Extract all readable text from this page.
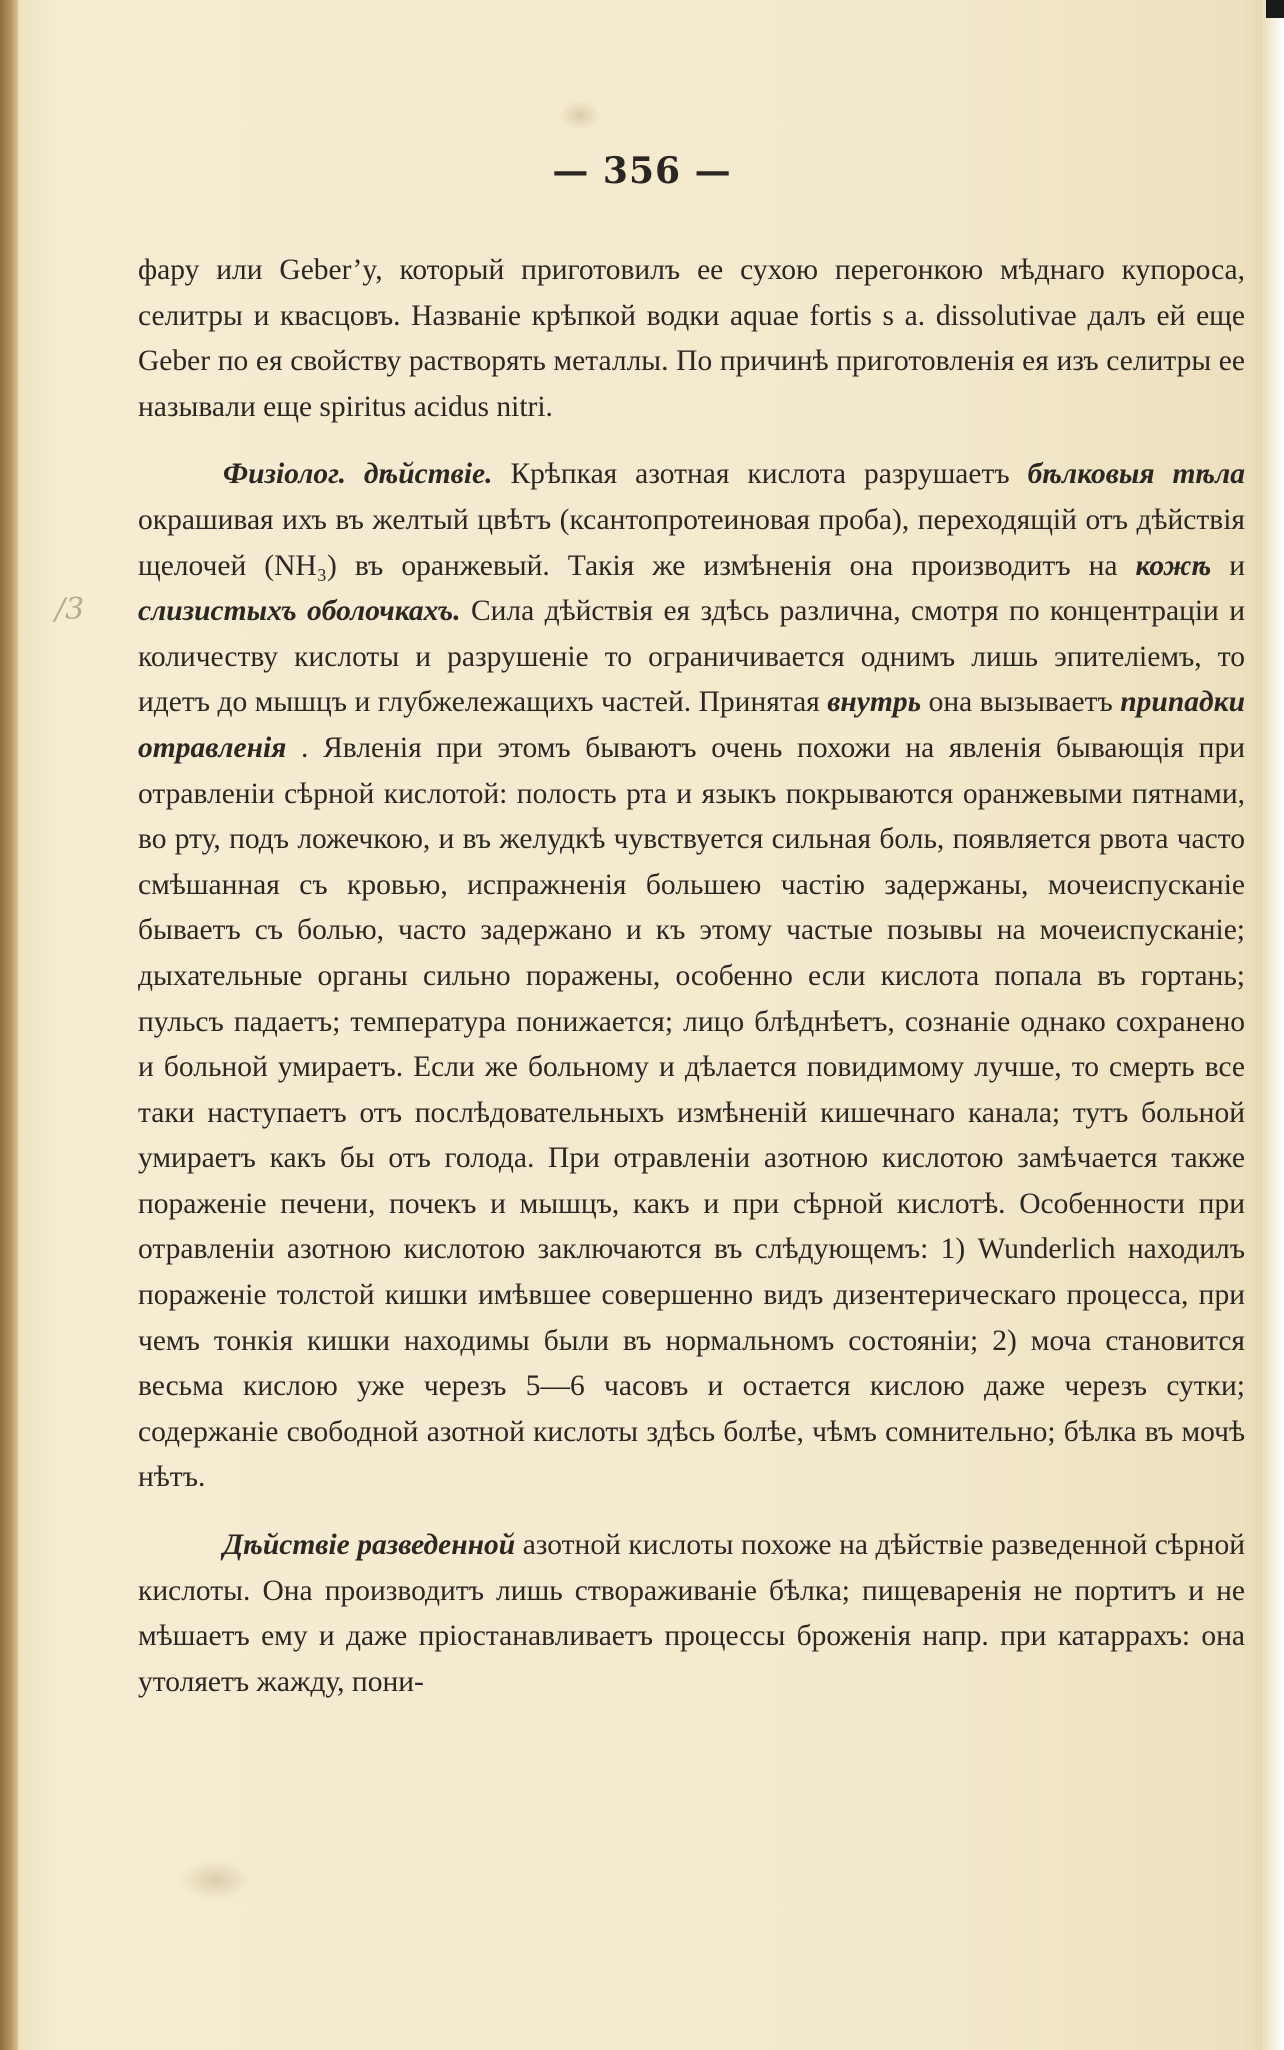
— 356 —
/3

фару или Geber’y, который приготовилъ ее сухою перегонкою мѣднаго купороса, селитры и квасцовъ. Названіе крѣпкой водки aquae fortis s a. dissolutivae далъ ей еще Geber по ея свойству растворять металлы. По причинѣ приготовленія ея изъ селитры ее называли еще spiritus acidus nitri.

Физіолог. дѣйствіе. Крѣпкая азотная кислота разрушаетъ бѣлковыя тѣла окрашивая ихъ въ желтый цвѣтъ (ксантопротеиновая проба), переходящій отъ дѣйствія щелочей (NH₃) въ оранжевый. Такія же измѣненія она производитъ на кожѣ и слизистыхъ оболочкахъ. Сила дѣйствія ея здѣсь различна, смотря по концентраціи и количеству кислоты и разрушеніе то ограничивается однимъ лишь эпителіемъ, то идетъ до мышцъ и глубжележащихъ частей. Принятая внутрь она вызываетъ припадки отравленія . Явленія при этомъ бываютъ очень похожи на явленія бывающія при отравленіи сѣрной кислотой: полость рта и языкъ покрываются оранжевыми пятнами, во рту, подъ ложечкою, и въ желудкѣ чувствуется сильная боль, появляется рвота часто смѣшанная съ кровью, испражненія большею частію задержаны, мочеиспусканіе бываетъ съ болью, часто задержано и къ этому частые позывы на мочеиспусканіе; дыхательные органы сильно поражены, особенно если кислота попала въ гортань; пульсъ падаетъ; температура понижается; лицо блѣднѣетъ, сознаніе однако сохранено и больной умираетъ. Если же больному и дѣлается повидимому лучше, то смерть все таки наступаетъ отъ послѣдовательныхъ измѣненій кишечнаго канала; тутъ больной умираетъ какъ бы отъ голода. При отравленіи азотною кислотою замѣчается также пораженіе печени, почекъ и мышцъ, какъ и при сѣрной кислотѣ. Особенности при отравленіи азотною кислотою заключаются въ слѣдующемъ: 1) Wunderlich находилъ пораженіе толстой кишки имѣвшее совершенно видъ дизентерическаго процесса, при чемъ тонкія кишки находимы были въ нормальномъ состояніи; 2) моча становится весьма кислою уже черезъ 5—6 часовъ и остается кислою даже черезъ сутки; содержаніе свободной азотной кислоты здѣсь болѣе, чѣмъ сомнительно; бѣлка въ мочѣ нѣтъ.

Дѣйствіе разведенной азотной кислоты похоже на дѣйствіе разведенной сѣрной кислоты. Она производитъ лишь створаживаніе бѣлка; пищеваренія не портитъ и не мѣшаетъ ему и даже пріостанавливаетъ процессы броженія напр. при катаррахъ: она утоляетъ жажду, пони-
